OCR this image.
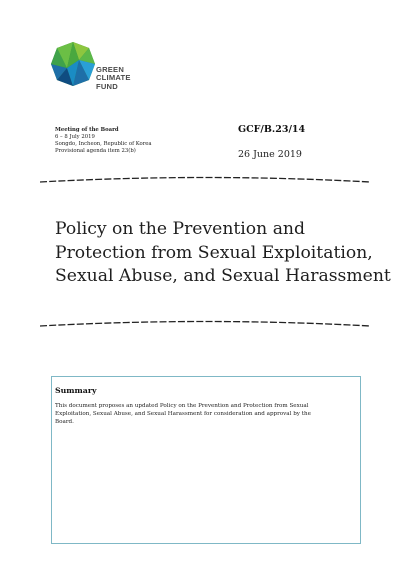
GREEN
CLIMATE
FUND
Meeting of the Board
6 – 8 July 2019
Songdo, Incheon, Republic of Korea
Provisional agenda item 23(b)
GCF/B.23/14
26 June 2019
Policy on the Prevention and
Protection from Sexual Exploitation,
Sexual Abuse, and Sexual Harassment
Summary
This document proposes an updated Policy on the Prevention and Protection from Sexual
Exploitation, Sexual Abuse, and Sexual Harassment for consideration and approval by the
Board.
